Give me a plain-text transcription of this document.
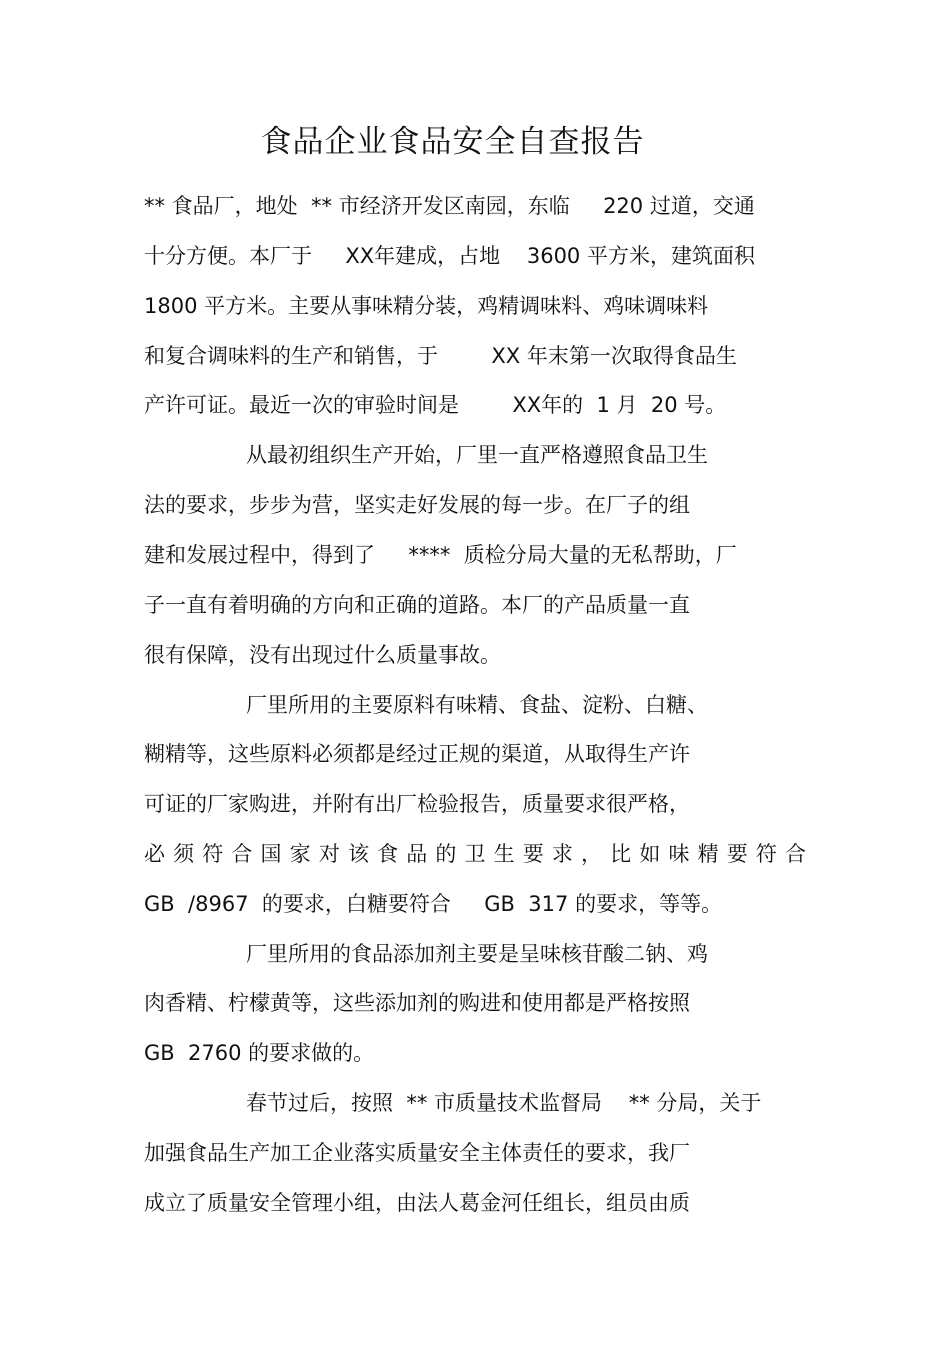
食品企业食品安全自查报告

** 食品厂，地处  ** 市经济开发区南园，东临     220 过道，交通

十分方便。本厂于     XX年建成，占地    3600 平方米，建筑面积

1800 平方米。主要从事味精分装，鸡精调味料、鸡味调味料

和复合调味料的生产和销售，于        XX 年末第一次取得食品生

产许可证。最近一次的审验时间是        XX年的  1 月  20 号。

从最初组织生产开始，厂里一直严格遵照食品卫生

法的要求，步步为营，坚实走好发展的每一步。在厂子的组

建和发展过程中，得到了     ****  质检分局大量的无私帮助，厂

子一直有着明确的方向和正确的道路。本厂的产品质量一直

很有保障，没有出现过什么质量事故。

厂里所用的主要原料有味精、食盐、淀粉、白糖、

糊精等，这些原料必须都是经过正规的渠道，从取得生产许

可证的厂家购进，并附有出厂检验报告，质量要求很严格，

必须符合国家对该食品的卫生要求，比如味精要符合

GB  /8967  的要求，白糖要符合     GB  317 的要求，等等。

厂里所用的食品添加剂主要是呈味核苷酸二钠、鸡

肉香精、柠檬黄等，这些添加剂的购进和使用都是严格按照

GB  2760 的要求做的。

春节过后，按照  ** 市质量技术监督局    ** 分局，关于

加强食品生产加工企业落实质量安全主体责任的要求，我厂

成立了质量安全管理小组，由法人葛金河任组长，组员由质
